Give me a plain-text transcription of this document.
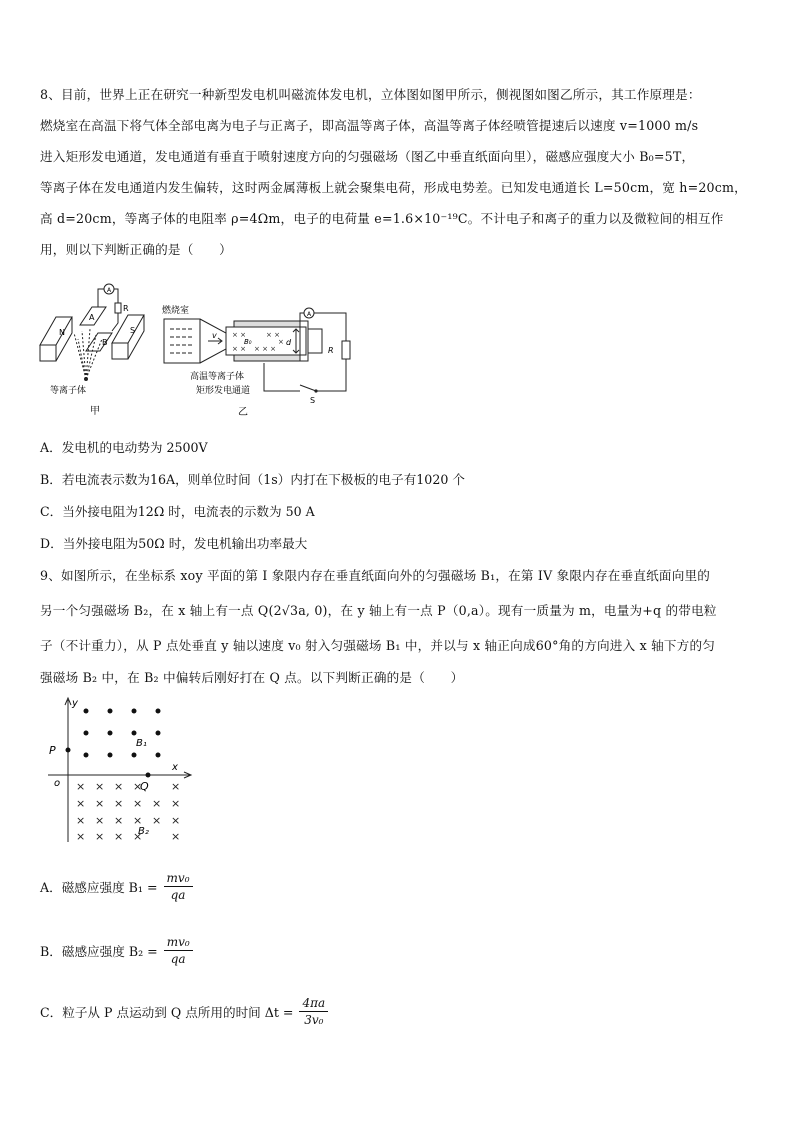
8、目前，世界上正在研究一种新型发电机叫磁流体发电机，立体图如图甲所示，侧视图如图乙所示，其工作原理是：
燃烧室在高温下将气体全部电离为电子与正离子，即高温等离子体，高温等离子体经喷管提速后以速度 v=1000 m/s
进入矩形发电通道，发电通道有垂直于喷射速度方向的匀强磁场（图乙中垂直纸面向里），磁感应强度大小 B₀=5T，
等离子体在发电通道内发生偏转，这时两金属薄板上就会聚集电荷，形成电势差。已知发电通道长 L=50cm，宽 h=20cm，
高 d=20cm，等离子体的电阻率 ρ=4Ωm，电子的电荷量 e=1.6×10⁻¹⁹C。不计电子和离子的重力以及微粒间的相互作
用，则以下判断正确的是（　　）
N	S
A
B
A
R
等离子体
甲
× ×	× ×
× × × × ×
×
燃烧室
v
B₀	d
A
R
S
高温等离子体
矩形发电通道
乙
A．发电机的电动势为 2500V
B．若电流表示数为16A，则单位时间（1s）内打在下极板的电子有1020 个
C．当外接电阻为12Ω 时，电流表的示数为 50 A
D．当外接电阻为50Ω 时，发电机输出功率最大
9、如图所示，在坐标系 xoy 平面的第 I 象限内存在垂直纸面向外的匀强磁场 B₁，在第 IV 象限内存在垂直纸面向里的
另一个匀强磁场 B₂，在 x 轴上有一点 Q(2√3a, 0)，在 y 轴上有一点 P（0,a）。现有一质量为 m，电量为+q 的带电粒
子（不计重力），从 P 点处垂直 y 轴以速度 v₀ 射入匀强磁场 B₁ 中，并以与 x 轴正向成60°角的方向进入 x 轴下方的匀
强磁场 B₂ 中，在 B₂ 中偏转后刚好打在 Q 点。以下判断正确的是（　　）
× × × ×	×
× × × × × ×
× × × × × ×
× × × ×	×
y
x
o
P
Q
B₁
B₂
A．磁感应强度 $B_1 = \frac{\text{mv₀}}{qa}$
B．磁感应强度 $B_2 = \frac{\text{mv₀}}{qa}$
C．粒子从 P 点运动到 Q 点所用的时间 $\Delta t = \frac{4\pi a}{\text{3v₀}}$
